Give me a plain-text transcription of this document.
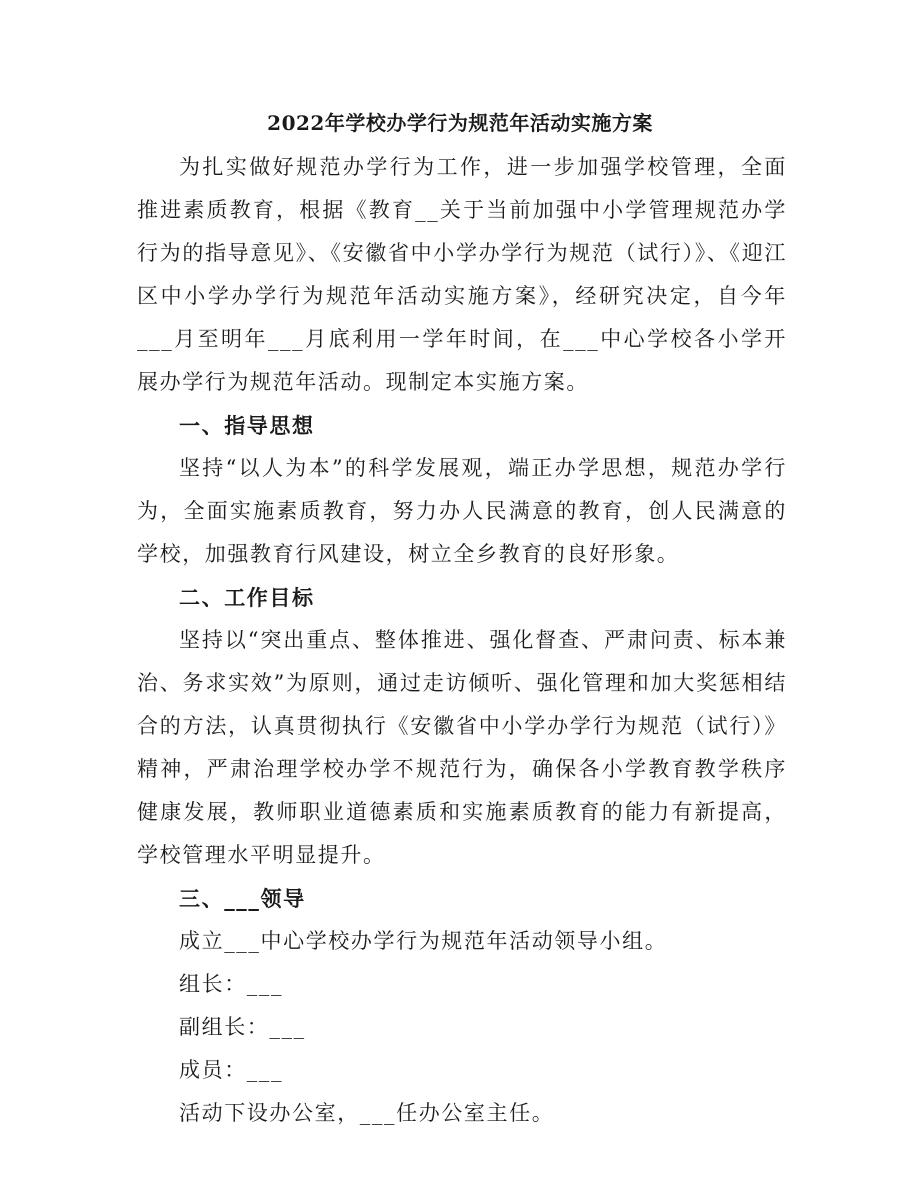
2022年学校办学行为规范年活动实施方案

为扎实做好规范办学行为工作，进一步加强学校管理，全面推进素质教育，根据《教育__关于当前加强中小学管理规范办学行为的指导意见》、《安徽省中小学办学行为规范（试行）》、《迎江区中小学办学行为规范年活动实施方案》，经研究决定，自今年___月至明年___月底利用一学年时间，在___中心学校各小学开展办学行为规范年活动。现制定本实施方案。

一、指导思想

坚持“以人为本”的科学发展观，端正办学思想，规范办学行为，全面实施素质教育，努力办人民满意的教育，创人民满意的学校，加强教育行风建设，树立全乡教育的良好形象。

二、工作目标

坚持以“突出重点、整体推进、强化督查、严肃问责、标本兼治、务求实效”为原则，通过走访倾听、强化管理和加大奖惩相结合的方法，认真贯彻执行《安徽省中小学办学行为规范（试行）》精神，严肃治理学校办学不规范行为，确保各小学教育教学秩序健康发展，教师职业道德素质和实施素质教育的能力有新提高，学校管理水平明显提升。

三、___领导

成立___中心学校办学行为规范年活动领导小组。

组长：___

副组长：___

成员：___

活动下设办公室，___任办公室主任。
